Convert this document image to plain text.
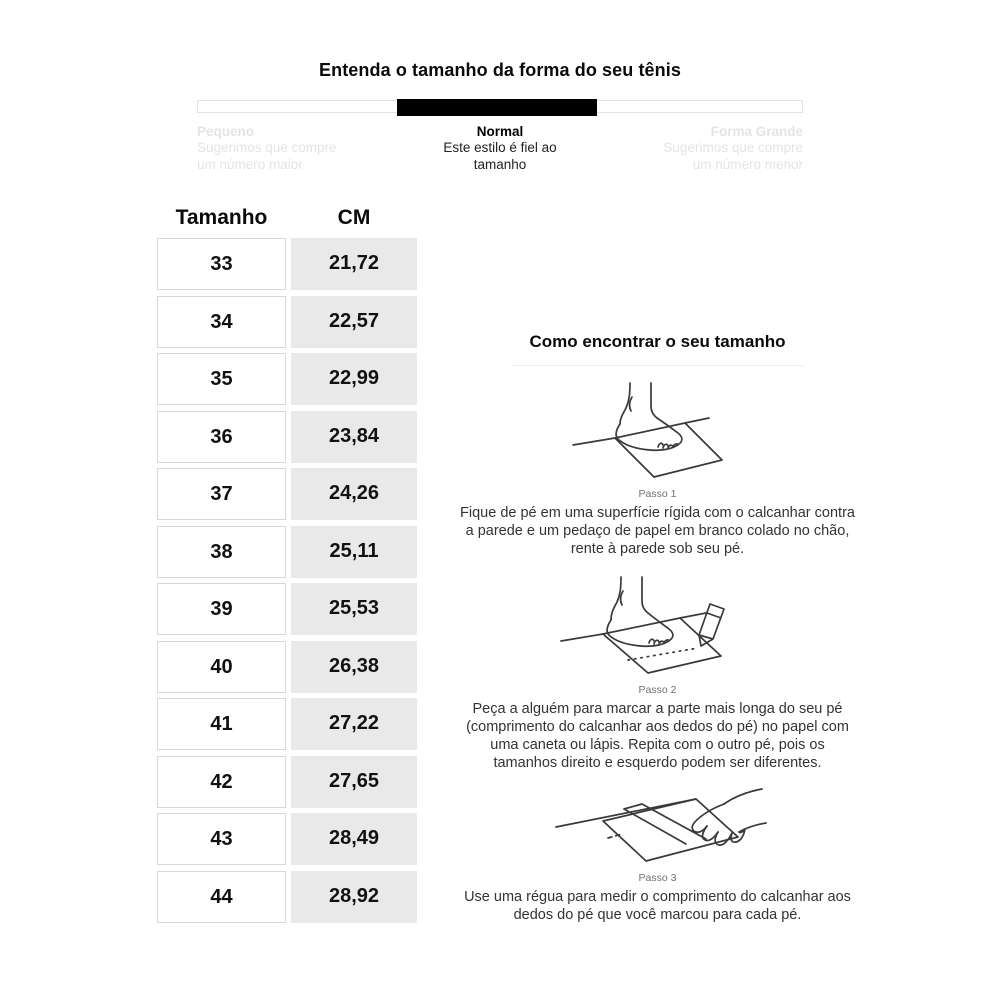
Entenda o tamanho da forma do seu tênis
Pequeno
Sugerimos que compre um número maior
Normal
Este estilo é fiel ao tamanho
Forma Grande
Sugerimos que compre um número menor
Tamanho	CM
33	21,72
34	22,57
35	22,99
36	23,84
37	24,26
38	25,11
39	25,53
40	26,38
41	27,22
42	27,65
43	28,49
44	28,92
Como encontrar o seu tamanho
Passo 1

Fique de pé em uma superfície rígida com o calcanhar contra a parede e um pedaço de papel em branco colado no chão, rente à parede sob seu pé.

Passo 2

Peça a alguém para marcar a parte mais longa do seu pé (comprimento do calcanhar aos dedos do pé) no papel com uma caneta ou lápis. Repita com o outro pé, pois os tamanhos direito e esquerdo podem ser diferentes.

Passo 3

Use uma régua para medir o comprimento do calcanhar aos dedos do pé que você marcou para cada pé.
